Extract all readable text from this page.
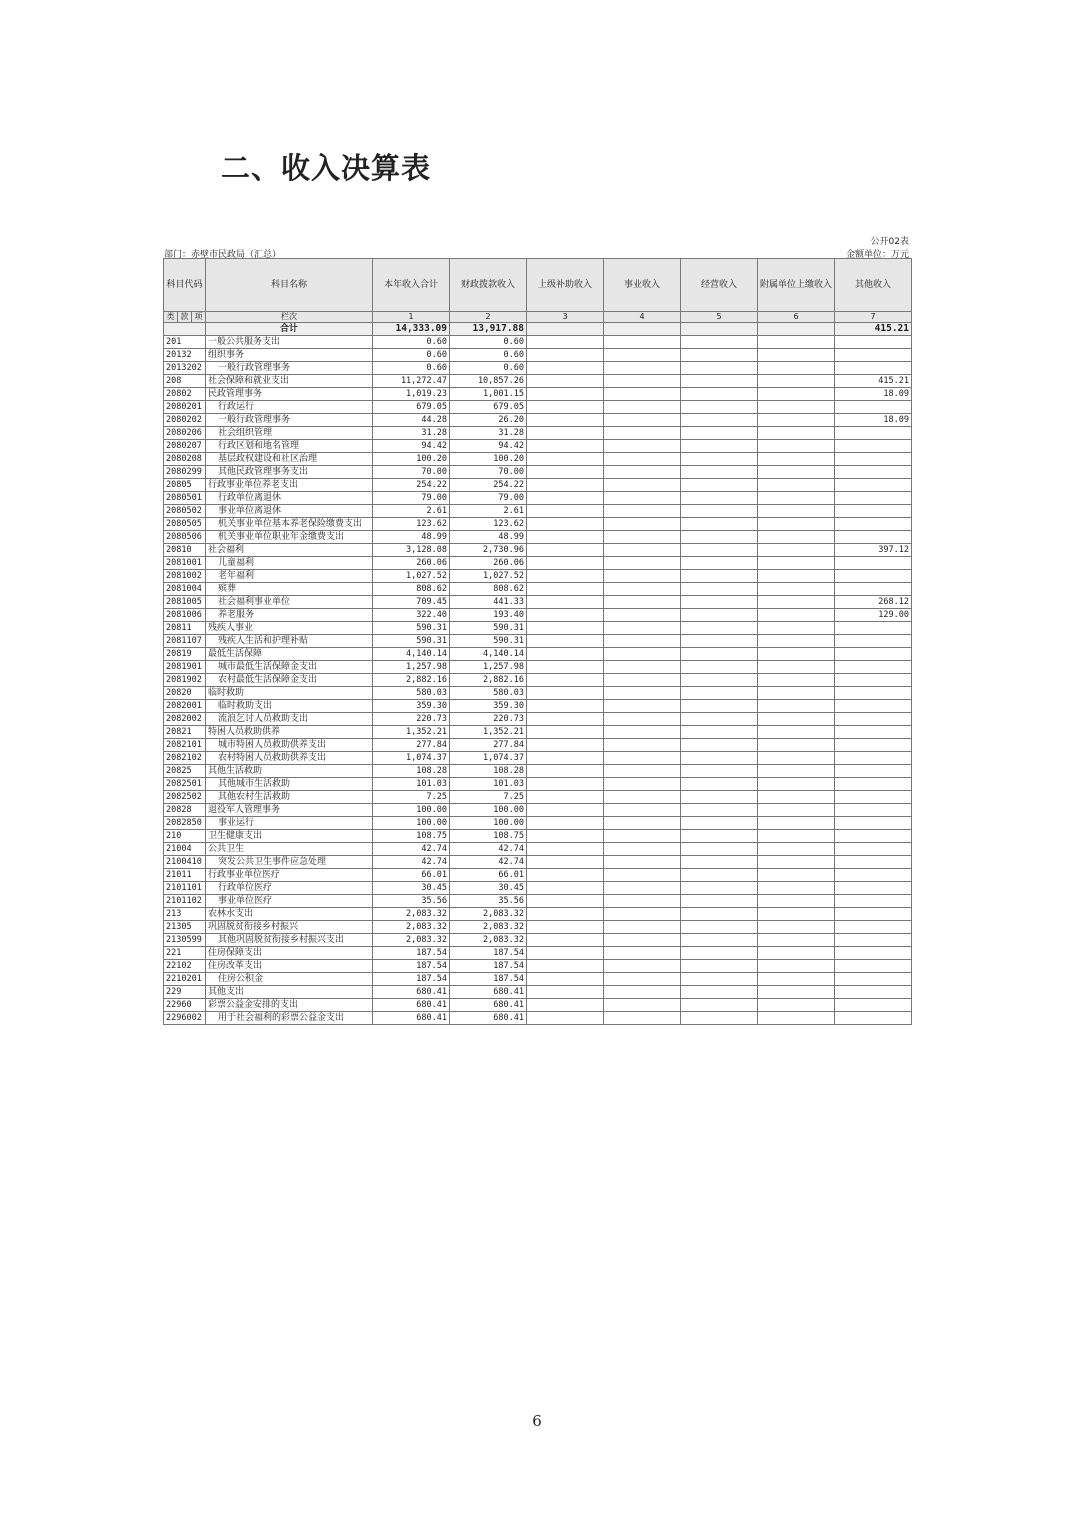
二、收入决算表
公开02表
部门：赤壁市民政局（汇总）	金额单位：万元
科目代码			科目名称	本年收入合计	财政拨款收入	上级补助收入	事业收入	经营收入	附属单位上缴收入	其他收入
类	款	项		1	2	3	4	5	6	7
			栏次							
			合计	14,333.09	13,917.88					415.21
201			一般公共服务支出	0.60	0.60					
20132			组织事务	0.60	0.60					
2013202			一般行政管理事务	0.60	0.60					
208			社会保障和就业支出	11,272.47	10,857.26					415.21
20802			民政管理事务	1,019.23	1,001.15					18.09
2080201			行政运行	679.05	679.05					
2080202			一般行政管理事务	44.28	26.20					18.09
2080206			社会组织管理	31.28	31.28					
2080207			行政区划和地名管理	94.42	94.42					
2080208			基层政权建设和社区治理	100.20	100.20					
2080299			其他民政管理事务支出	70.00	70.00					
20805			行政事业单位养老支出	254.22	254.22					
2080501			行政单位离退休	79.00	79.00					
2080502			事业单位离退休	2.61	2.61					
2080505			机关事业单位基本养老保险缴费支出	123.62	123.62					
2080506			机关事业单位职业年金缴费支出	48.99	48.99					
20810			社会福利	3,128.08	2,730.96					397.12
2081001			儿童福利	260.06	260.06					
2081002			老年福利	1,027.52	1,027.52					
2081004			殡葬	808.62	808.62					
2081005			社会福利事业单位	709.45	441.33					268.12
2081006			养老服务	322.40	193.40					129.00
20811			残疾人事业	590.31	590.31					
2081107			残疾人生活和护理补贴	590.31	590.31					
20819			最低生活保障	4,140.14	4,140.14					
2081901			城市最低生活保障金支出	1,257.98	1,257.98					
2081902			农村最低生活保障金支出	2,882.16	2,882.16					
20820			临时救助	580.03	580.03					
2082001			临时救助支出	359.30	359.30					
2082002			流浪乞讨人员救助支出	220.73	220.73					
20821			特困人员救助供养	1,352.21	1,352.21					
2082101			城市特困人员救助供养支出	277.84	277.84					
2082102			农村特困人员救助供养支出	1,074.37	1,074.37					
20825			其他生活救助	108.28	108.28					
2082501			其他城市生活救助	101.03	101.03					
2082502			其他农村生活救助	7.25	7.25					
20828			退役军人管理事务	100.00	100.00					
2082850			事业运行	100.00	100.00					
210			卫生健康支出	108.75	108.75					
21004			公共卫生	42.74	42.74					
2100410			突发公共卫生事件应急处理	42.74	42.74					
21011			行政事业单位医疗	66.01	66.01					
2101101			行政单位医疗	30.45	30.45					
2101102			事业单位医疗	35.56	35.56					
213			农林水支出	2,083.32	2,083.32					
21305			巩固脱贫衔接乡村振兴	2,083.32	2,083.32					
2130599			其他巩固脱贫衔接乡村振兴支出	2,083.32	2,083.32					
221			住房保障支出	187.54	187.54					
22102			住房改革支出	187.54	187.54					
2210201			住房公积金	187.54	187.54					
229			其他支出	680.41	680.41					
22960			彩票公益金安排的支出	680.41	680.41					
2296002			用于社会福利的彩票公益金支出	680.41	680.41					
6
